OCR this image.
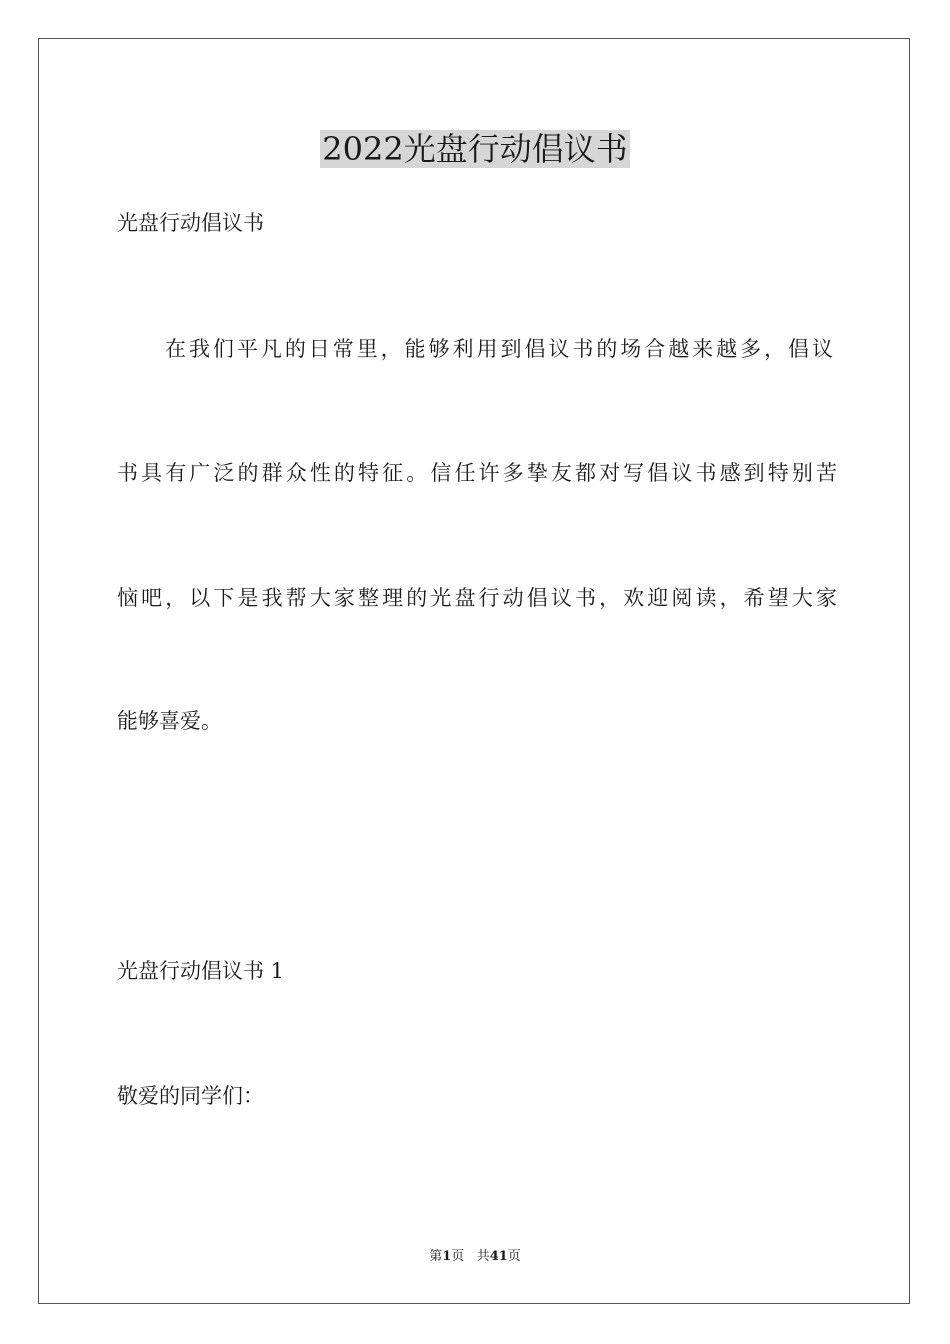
2022光盘行动倡议书

光盘行动倡议书

在我们平凡的日常里，能够利用到倡议书的场合越来越多，倡议

书具有广泛的群众性的特征。信任许多挚友都对写倡议书感到特别苦

恼吧，以下是我帮大家整理的光盘行动倡议书，欢迎阅读，希望大家

能够喜爱。

光盘行动倡议书 1

敬爱的同学们：

第1页 共41页
